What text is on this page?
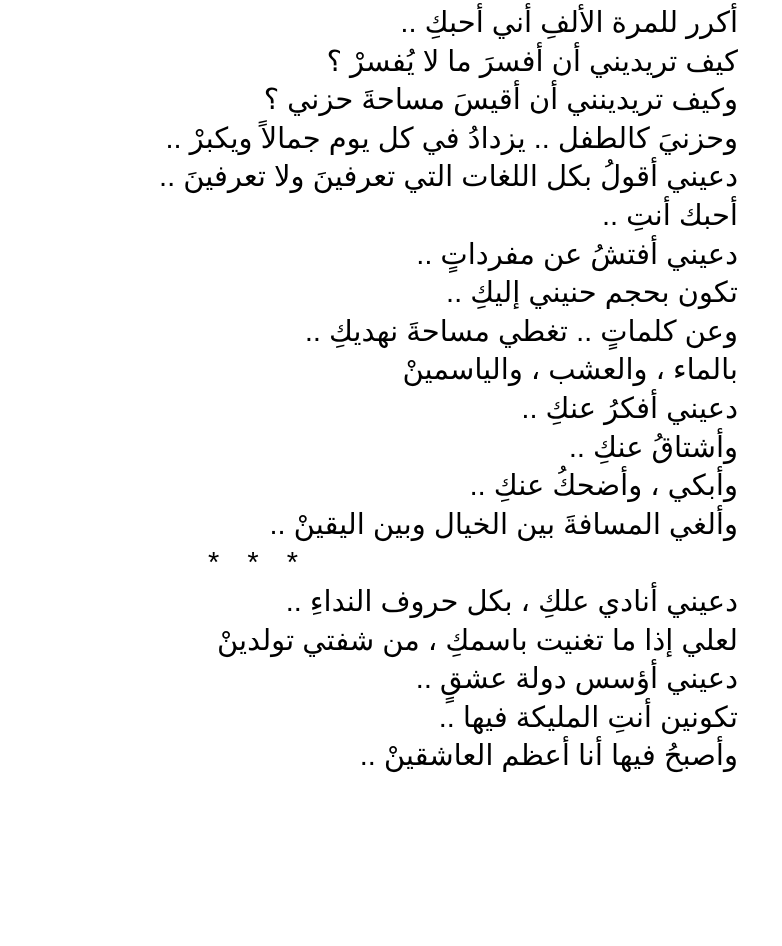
أكرر للمرة الألفِ أني أحبكِ ..
كيف تريديني أن أفسرَ ما لا يُفسرْ ؟
وكيف تريدينني أن أقيسَ مساحةَ حزني ؟
وحزنيَ كالطفل .. يزدادُ في كل يوم جمالاً ويكبرْ ..
دعيني أقولُ بكل اللغات التي تعرفينَ ولا تعرفينَ ..
أحبك أنتِ ..
دعيني أفتشُ عن مفرداتٍ ..
تكون بحجم حنيني إليكِ ..
وعن كلماتٍ .. تغطي مساحةَ نهديكِ ..
بالماء ، والعشب ، والياسمينْ
دعيني أفكرُ عنكِ ..
وأشتاقُ عنكِ ..
وأبكي ، وأضحكُ عنكِ ..
وألغي المسافةَ بين الخيال وبين اليقينْ ..
* * *
دعيني أنادي علكِ ، بكل حروف النداءِ ..
لعلي إذا ما تغنيت باسمكِ ، من شفتي تولدينْ
دعيني أؤسس دولة عشقٍ ..
تكونين أنتِ المليكة فيها ..
وأصبحُ فيها أنا أعظم العاشقينْ ..
